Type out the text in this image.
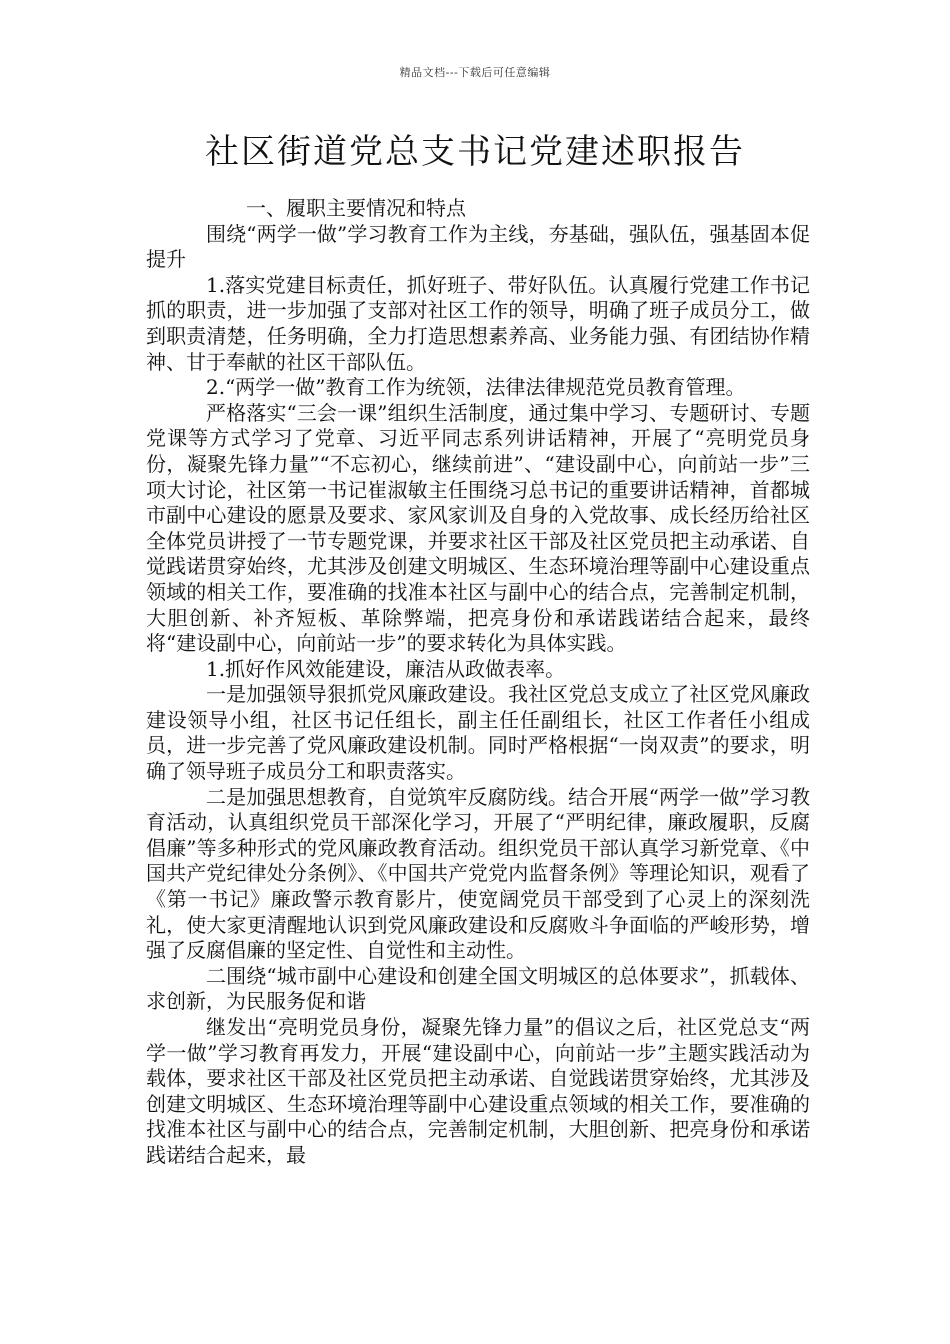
精品文档---下载后可任意编辑
社区街道党总支书记党建述职报告

一、履职主要情况和特点

围绕“两学一做”学习教育工作为主线，夯基础，强队伍，强基固本促提升

1.落实党建目标责任，抓好班子、带好队伍。认真履行党建工作书记抓的职责，进一步加强了支部对社区工作的领导，明确了班子成员分工，做到职责清楚，任务明确，全力打造思想素养高、业务能力强、有团结协作精神、甘于奉献的社区干部队伍。

2.“两学一做”教育工作为统领，法律法律规范党员教育管理。

严格落实“三会一课”组织生活制度，通过集中学习、专题研讨、专题党课等方式学习了党章、习近平同志系列讲话精神，开展了“亮明党员身份，凝聚先锋力量”“不忘初心，继续前进”、“建设副中心，向前站一步”三项大讨论，社区第一书记崔淑敏主任围绕习总书记的重要讲话精神，首都城市副中心建设的愿景及要求、家风家训及自身的入党故事、成长经历给社区全体党员讲授了一节专题党课，并要求社区干部及社区党员把主动承诺、自觉践诺贯穿始终，尤其涉及创建文明城区、生态环境治理等副中心建设重点领域的相关工作，要准确的找准本社区与副中心的结合点，完善制定机制，大胆创新、补齐短板、革除弊端，把亮身份和承诺践诺结合起来，最终将“建设副中心，向前站一步”的要求转化为具体实践。

1.抓好作风效能建设，廉洁从政做表率。

一是加强领导狠抓党风廉政建设。我社区党总支成立了社区党风廉政建设领导小组，社区书记任组长，副主任任副组长，社区工作者任小组成员，进一步完善了党风廉政建设机制。同时严格根据“一岗双责”的要求，明确了领导班子成员分工和职责落实。

二是加强思想教育，自觉筑牢反腐防线。结合开展“两学一做”学习教育活动，认真组织党员干部深化学习，开展了“严明纪律，廉政履职，反腐倡廉”等多种形式的党风廉政教育活动。组织党员干部认真学习新党章、《中国共产党纪律处分条例》、《中国共产党党内监督条例》等理论知识，观看了《第一书记》廉政警示教育影片，使宽阔党员干部受到了心灵上的深刻洗礼，使大家更清醒地认识到党风廉政建设和反腐败斗争面临的严峻形势，增强了反腐倡廉的坚定性、自觉性和主动性。

二围绕“城市副中心建设和创建全国文明城区的总体要求”，抓载体、求创新，为民服务促和谐

继发出“亮明党员身份，凝聚先锋力量”的倡议之后，社区党总支“两学一做”学习教育再发力，开展“建设副中心，向前站一步”主题实践活动为载体，要求社区干部及社区党员把主动承诺、自觉践诺贯穿始终，尤其涉及创建文明城区、生态环境治理等副中心建设重点领域的相关工作，要准确的找准本社区与副中心的结合点，完善制定机制，大胆创新、把亮身份和承诺践诺结合起来，最
